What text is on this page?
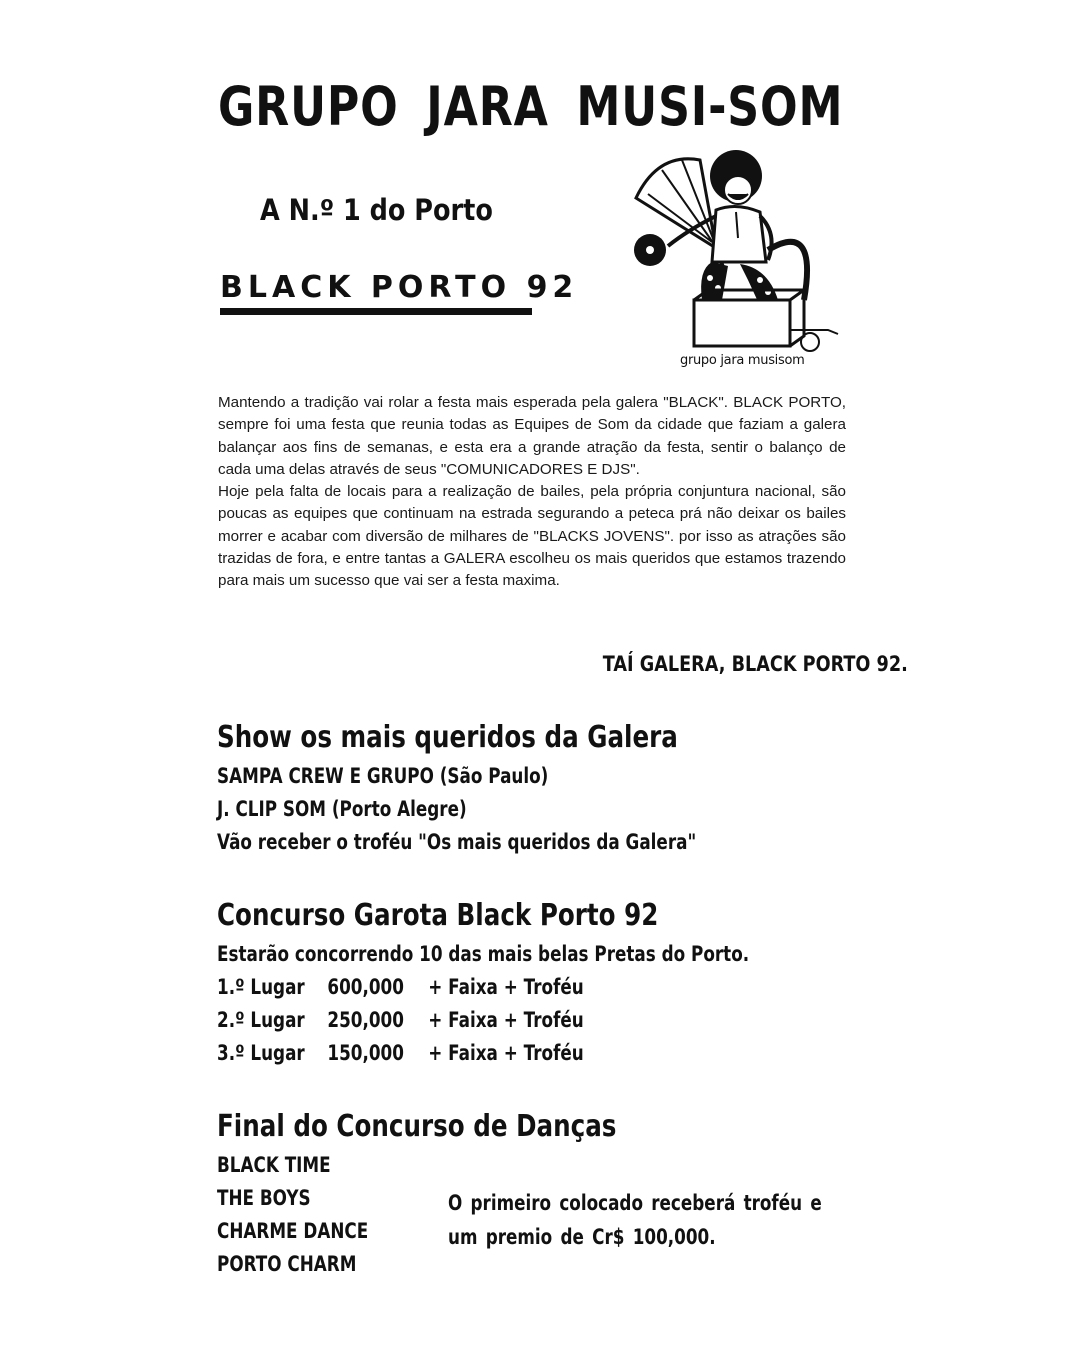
GRUPO JARA MUSI-SOM
A N.º 1 do Porto
BLACK PORTO 92
grupo jara musisom

Mantendo a tradição vai rolar a festa mais esperada pela galera "BLACK". BLACK PORTO, sempre foi uma festa que reunia todas as Equipes de Som da cidade que faziam a galera balançar aos fins de semanas, e esta era a grande atração da festa, sentir o balanço de cada uma delas através de seus "COMUNICADORES E DJS".

Hoje pela falta de locais para a realização de bailes, pela própria conjuntura nacional, são poucas as equipes que continuam na estrada segurando a peteca prá não deixar os bailes morrer e acabar com diversão de milhares de "BLACKS JOVENS". por isso as atrações são trazidas de fora, e entre tantas a GALERA escolheu os mais queridos que estamos trazendo para mais um sucesso que vai ser a festa maxima.

TAÍ GALERA, BLACK PORTO 92.
Show os mais queridos da Galera
SAMPA CREW E GRUPO (São Paulo)
J. CLIP SOM (Porto Alegre)
Vão receber o troféu "Os mais queridos da Galera"
Concurso Garota Black Porto 92
Estarão concorrendo 10 das mais belas Pretas do Porto.
1.º Lugar 600,000 + Faixa + Troféu
2.º Lugar 250,000 + Faixa + Troféu
3.º Lugar 150,000 + Faixa + Troféu
Final do Concurso de Danças
BLACK TIME
THE BOYS
CHARME DANCE
PORTO CHARM
O primeiro colocado receberá troféu e um premio de Cr$ 100,000.
